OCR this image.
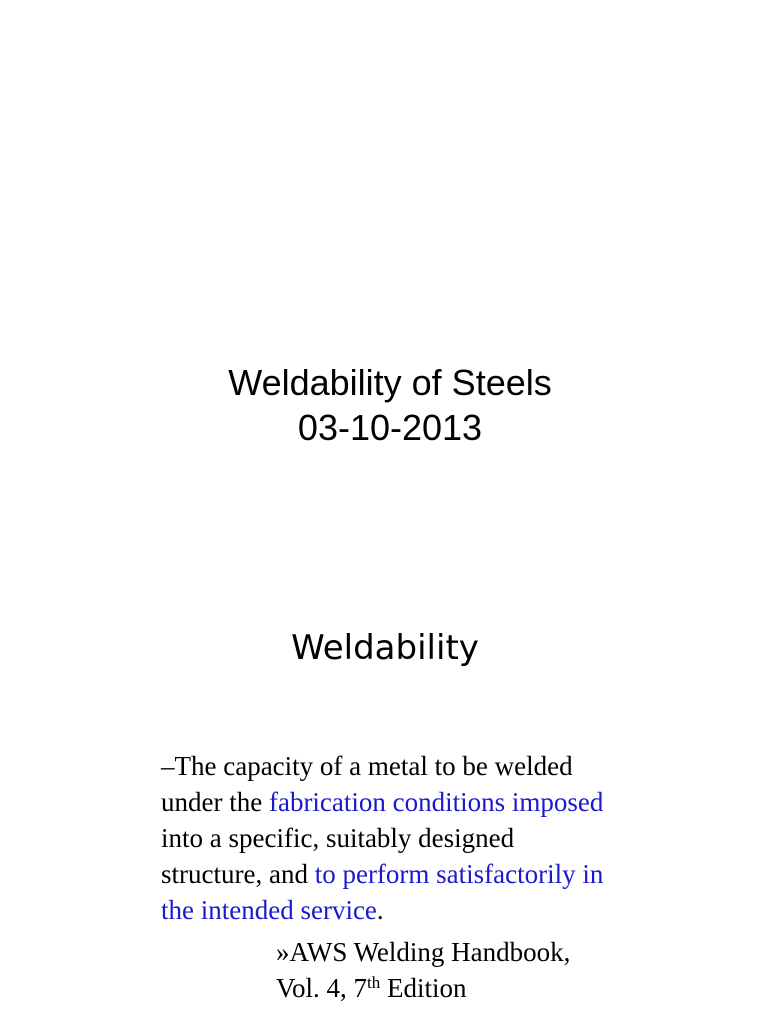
Weldability of Steels
03-10-2013
Weldability
–The capacity of a metal to be welded
under the fabrication conditions imposed
into a specific, suitably designed
structure, and to perform satisfactorily in
the intended service.
»AWS Welding Handbook,
Vol. 4, 7th Edition
